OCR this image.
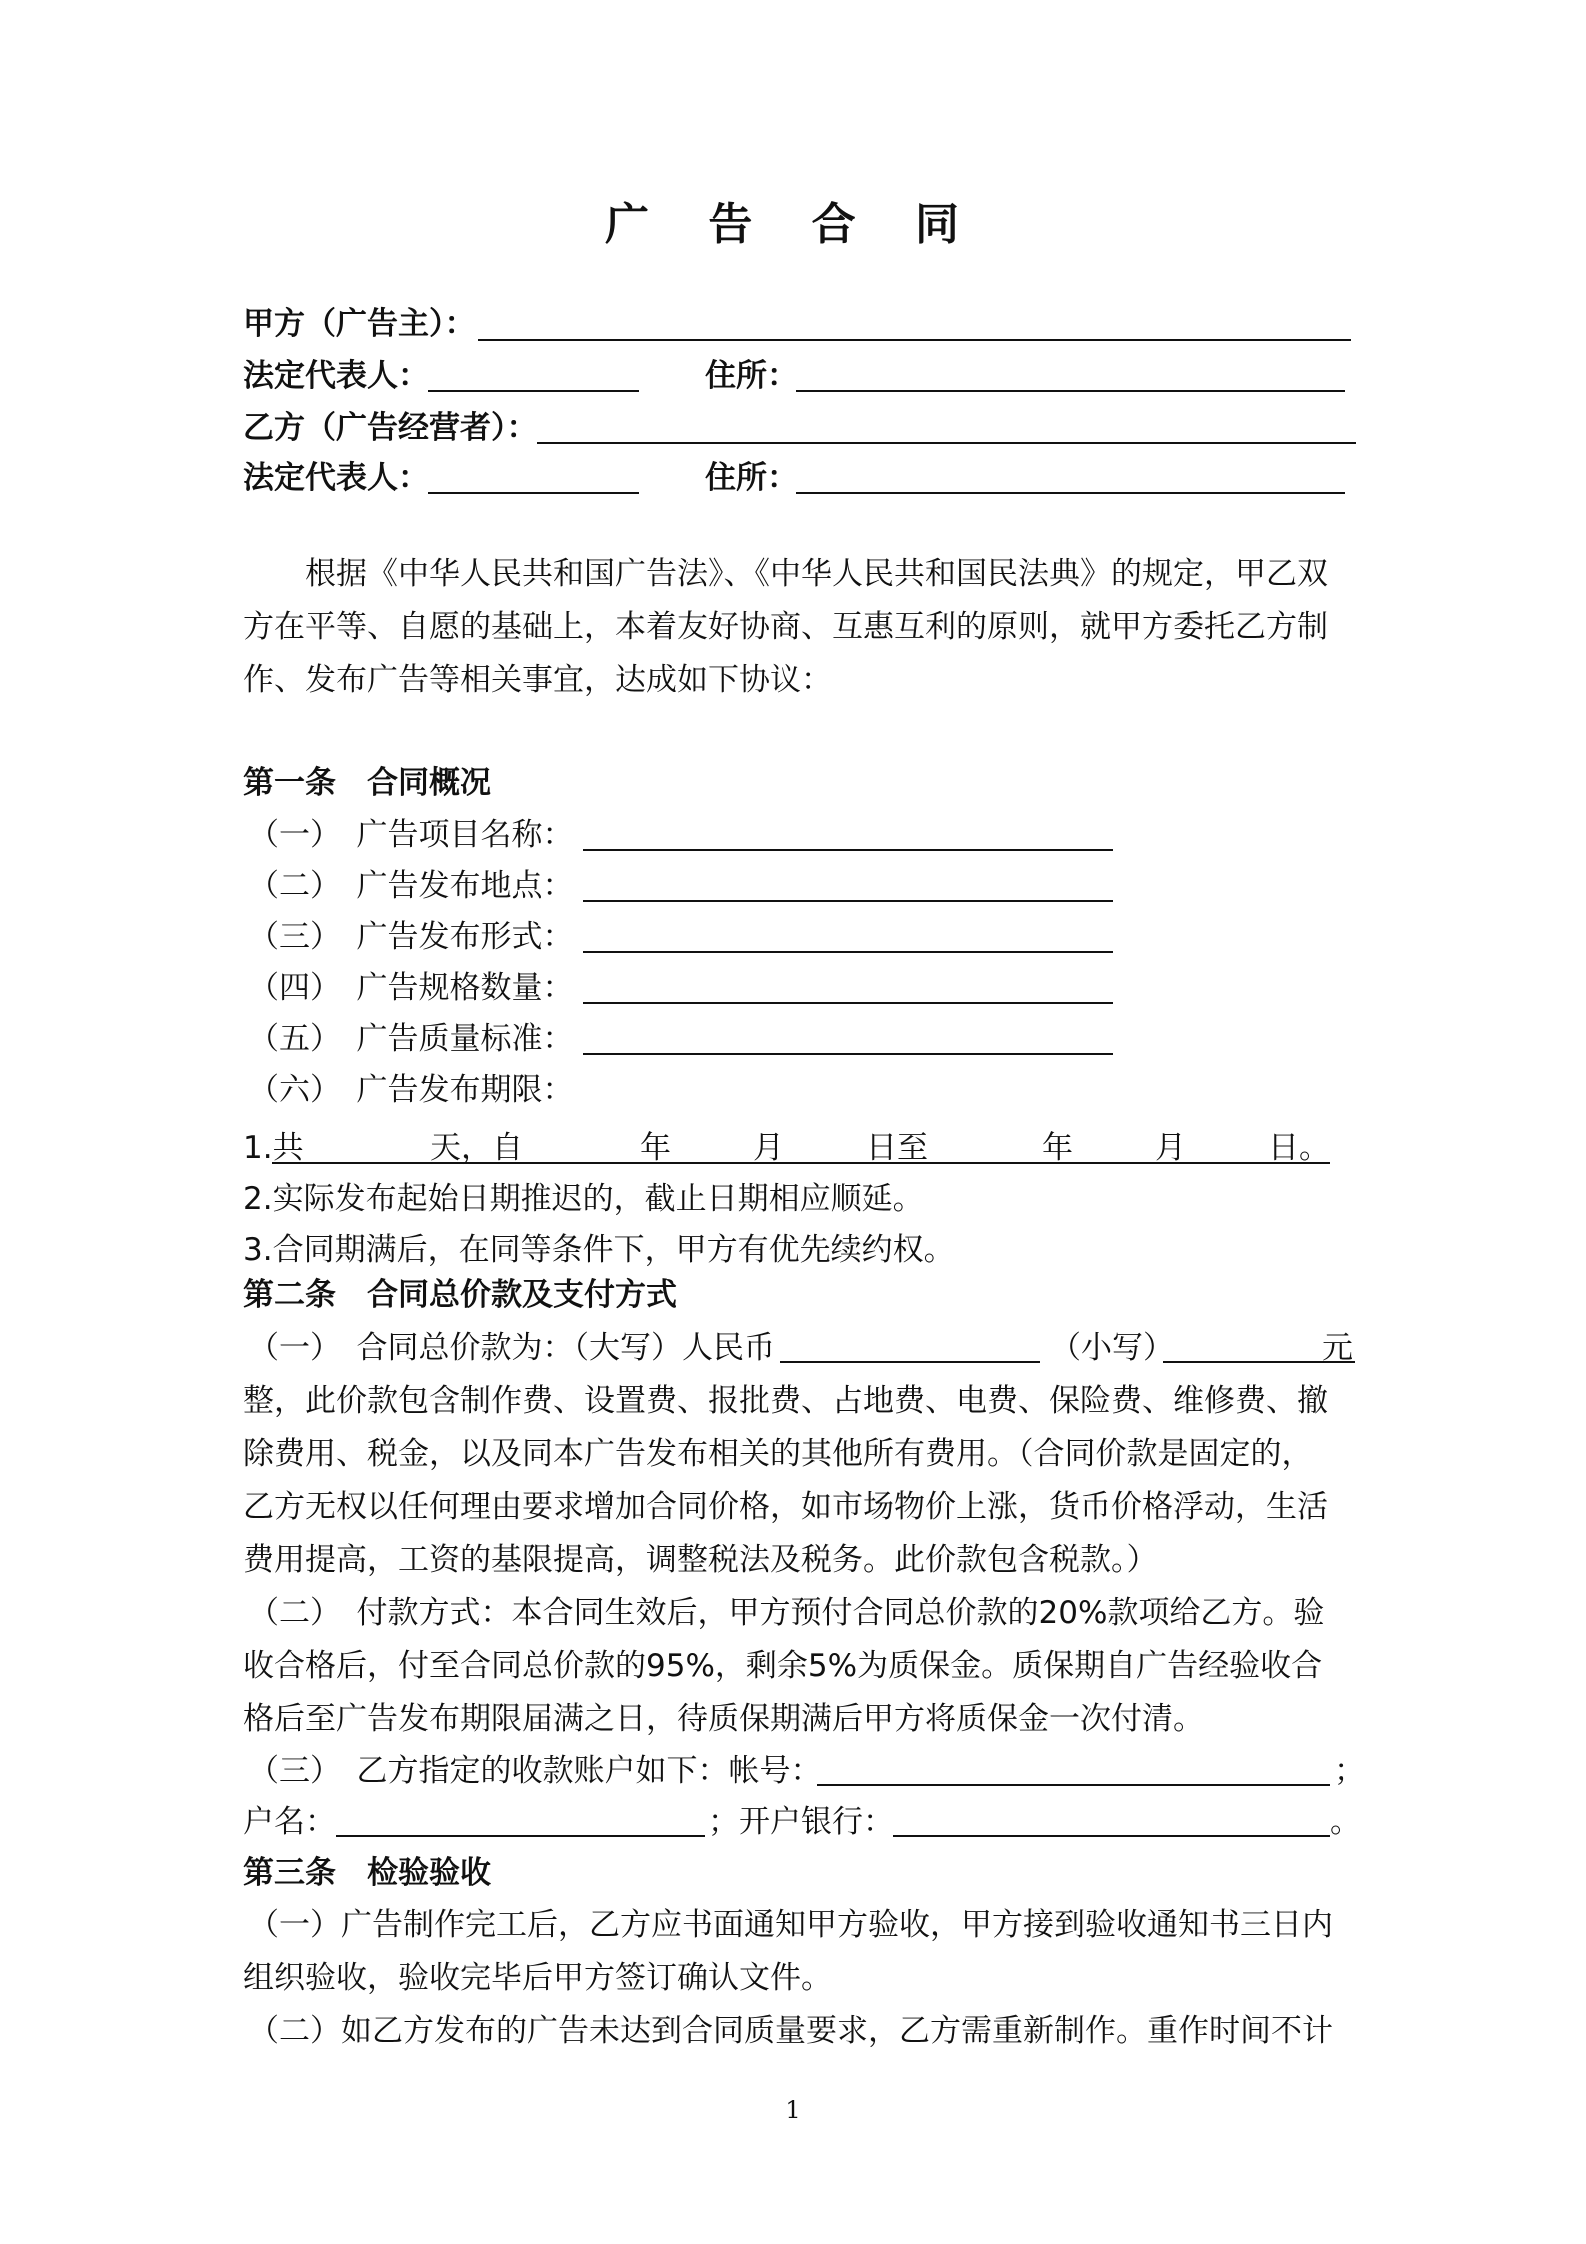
广 告 合 同
甲方（广告主）：
法定代表人：	住所：
乙方（广告经营者）：
法定代表人：	住所：
根据《中华人民共和国广告法》、《中华人民共和国民法典》的规定，甲乙双
方在平等、自愿的基础上，本着友好协商、互惠互利的原则，就甲方委托乙方制
作、发布广告等相关事宜，达成如下协议：
第一条　合同概况
（一）　广告项目名称：
（二）　广告发布地点：
（三）　广告发布形式：
（四）　广告规格数量：
（五）　广告质量标准：
（六）　广告发布期限：
1.共	天，自	年	月	日至	年	月	日。
2.实际发布起始日期推迟的，截止日期相应顺延。
3.合同期满后，在同等条件下，甲方有优先续约权。
第二条　合同总价款及支付方式
（一）　合同总价款为：（大写）人民币	（小写）	元
整，此价款包含制作费、设置费、报批费、占地费、电费、保险费、维修费、撤
除费用、税金，以及同本广告发布相关的其他所有费用。（合同价款是固定的，
乙方无权以任何理由要求增加合同价格，如市场物价上涨，货币价格浮动，生活
费用提高，工资的基限提高，调整税法及税务。此价款包含税款。）
（二）　付款方式：本合同生效后，甲方预付合同总价款的20%款项给乙方。验
收合格后，付至合同总价款的95%，剩余5%为质保金。质保期自广告经验收合
格后至广告发布期限届满之日，待质保期满后甲方将质保金一次付清。
（三）　乙方指定的收款账户如下：帐号：	；
户名：	；开户银行：	。
第三条　检验验收
（一）广告制作完工后，乙方应书面通知甲方验收，甲方接到验收通知书三日内
组织验收，验收完毕后甲方签订确认文件。
（二）如乙方发布的广告未达到合同质量要求，乙方需重新制作。重作时间不计
1
